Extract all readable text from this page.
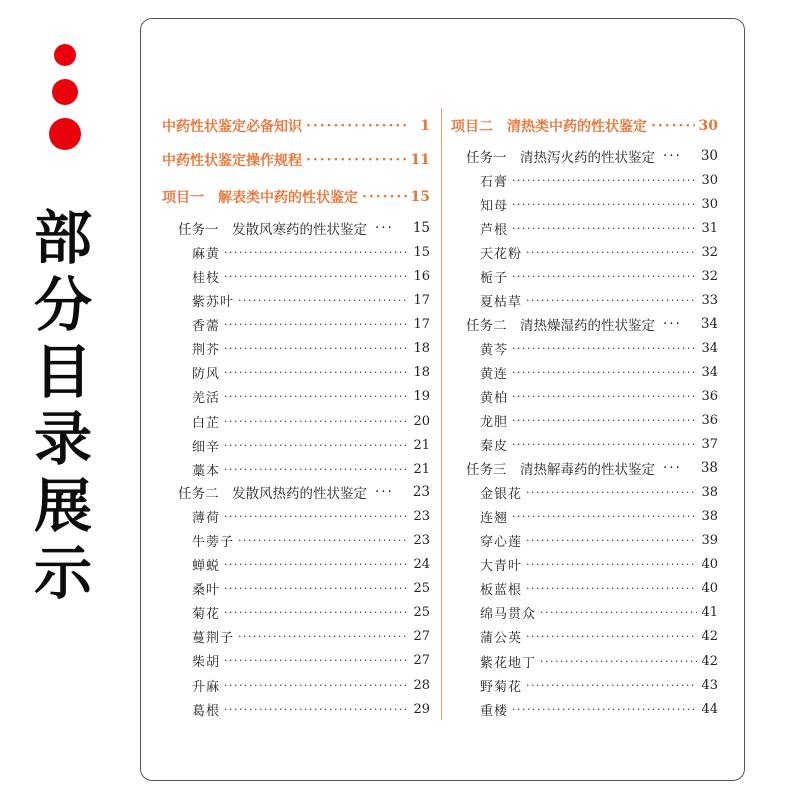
部
分
目
录
展
示
中药性状鉴定必备知识 ·····	1
中药性状鉴定操作规程 ·····	11
项目一　解表类中药的性状鉴定 ·····	15
任务一　发散风寒药的性状鉴定 ···	15
麻黄 ·····	15
桂枝 ·····	16
紫苏叶 ·····	17
香薷 ·····	17
荆芥 ·····	18
防风 ·····	18
羌活 ·····	19
白芷 ·····	20
细辛 ·····	21
藁本 ·····	21
任务二　发散风热药的性状鉴定 ···	23
薄荷 ·····	23
牛蒡子 ·····	23
蝉蜕 ·····	24
桑叶 ·····	25
菊花 ·····	25
蔓荆子 ·····	27
柴胡 ·····	27
升麻 ·····	28
葛根 ·····	29
项目二　清热类中药的性状鉴定 ·····	30
任务一　清热泻火药的性状鉴定 ···	30
石膏 ·····	30
知母 ·····	30
芦根 ·····	31
天花粉 ·····	32
栀子 ·····	32
夏枯草 ·····	33
任务二　清热燥湿药的性状鉴定 ···	34
黄芩 ·····	34
黄连 ·····	34
黄柏 ·····	36
龙胆 ·····	36
秦皮 ·····	37
任务三　清热解毒药的性状鉴定 ···	38
金银花 ·····	38
连翘 ·····	38
穿心莲 ·····	39
大青叶 ·····	40
板蓝根 ·····	40
绵马贯众 ·····	41
蒲公英 ·····	42
紫花地丁 ·····	42
野菊花 ·····	43
重楼 ·····	44
